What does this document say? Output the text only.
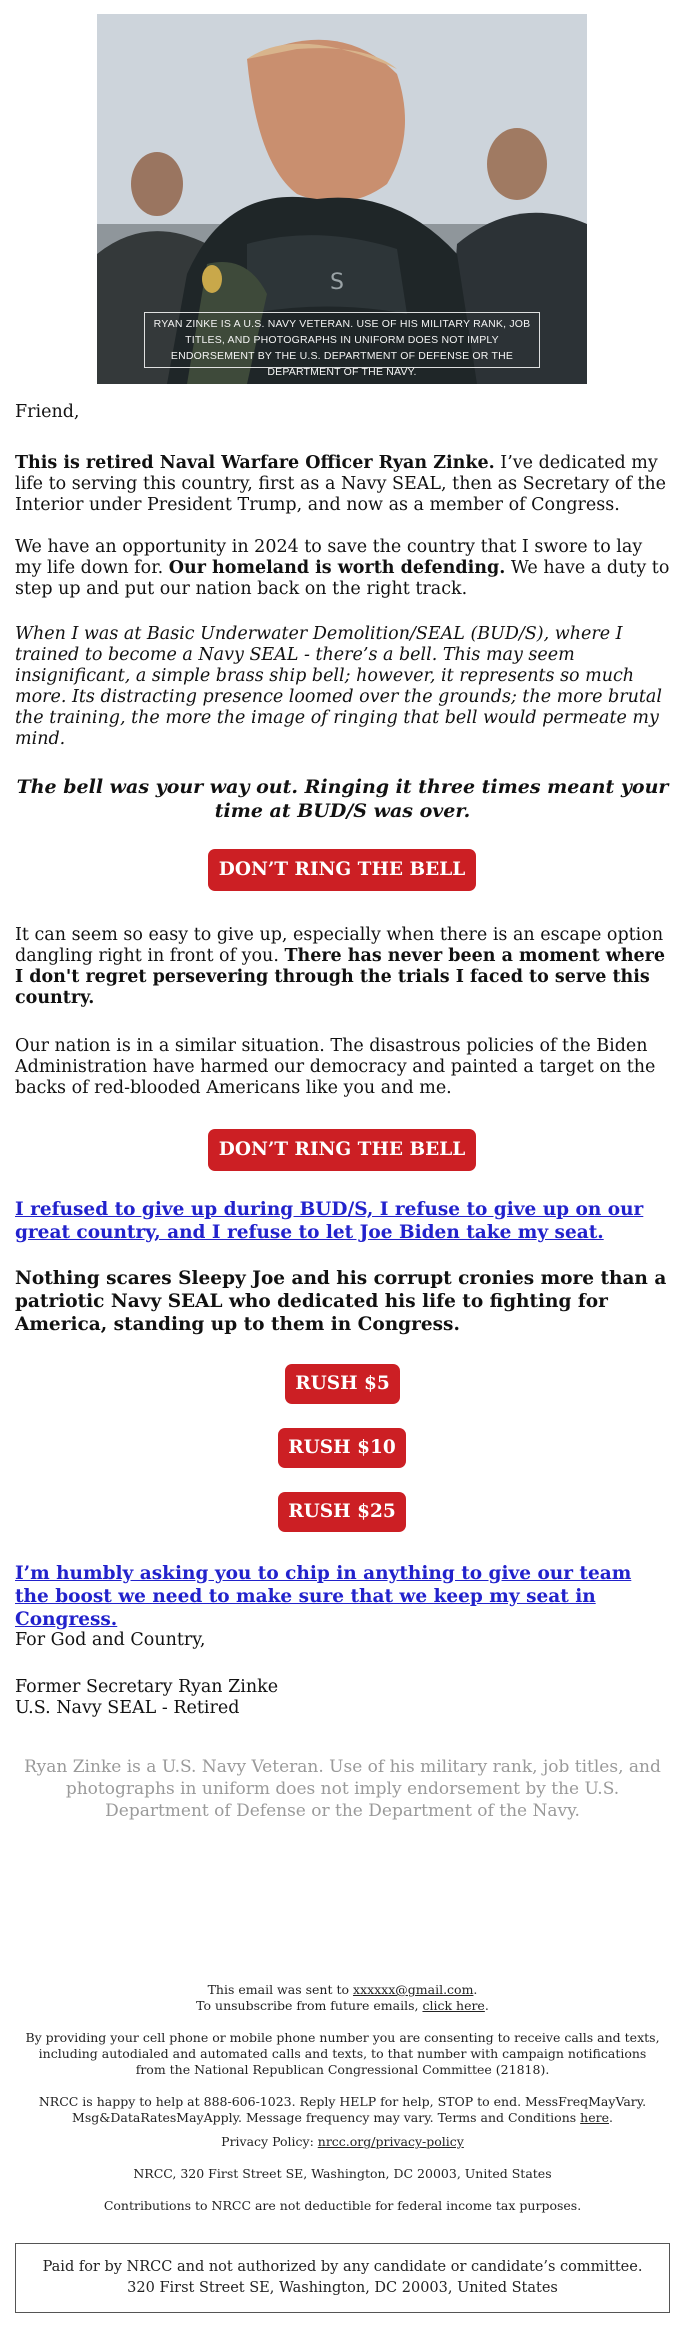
S
RYAN ZINKE IS A U.S. NAVY VETERAN. USE OF HIS MILITARY RANK, JOB TITLES, AND PHOTOGRAPHS IN UNIFORM DOES NOT IMPLY ENDORSEMENT BY THE U.S. DEPARTMENT OF DEFENSE OR THE DEPARTMENT OF THE NAVY.

Friend,

This is retired Naval Warfare Officer Ryan Zinke. I’ve dedicated my life to serving this country, first as a Navy SEAL, then as Secretary of the Interior under President Trump, and now as a member of Congress.

We have an opportunity in 2024 to save the country that I swore to lay my life down for. Our homeland is worth defending. We have a duty to step up and put our nation back on the right track.

When I was at Basic Underwater Demolition/SEAL (BUD/S), where I trained to become a Navy SEAL - there’s a bell. This may seem insignificant, a simple brass ship bell; however, it represents so much more. Its distracting presence loomed over the grounds; the more brutal the training, the more the image of ringing that bell would permeate my mind.

The bell was your way out. Ringing it three times meant your time at BUD/S was over.
DON’T RING THE BELL

It can seem so easy to give up, especially when there is an escape option dangling right in front of you. There has never been a moment where I don't regret persevering through the trials I faced to serve this country.

Our nation is in a similar situation. The disastrous policies of the Biden Administration have harmed our democracy and painted a target on the backs of red-blooded Americans like you and me.

DON’T RING THE BELL
I refused to give up during BUD/S, I refuse to give up on our great country, and I refuse to let Joe Biden take my seat.
Nothing scares Sleepy Joe and his corrupt cronies more than a patriotic Navy SEAL who dedicated his life to fighting for America, standing up to them in Congress.
RUSH $5
RUSH $10
RUSH $25
I’m humbly asking you to chip in anything to give our team the boost we need to make sure that we keep my seat in Congress.
For God and Country,
Former Secretary Ryan Zinke
U.S. Navy SEAL - Retired
Ryan Zinke is a U.S. Navy Veteran. Use of his military rank, job titles, and photographs in uniform does not imply endorsement by the U.S. Department of Defense or the Department of the Navy.
This email was sent to xxxxxx@gmail.com.
To unsubscribe from future emails, click here.
By providing your cell phone or mobile phone number you are consenting to receive calls and texts, including autodialed and automated calls and texts, to that number with campaign notifications from the National Republican Congressional Committee (21818).
NRCC is happy to help at 888-606-1023. Reply HELP for help, STOP to end. MessFreqMayVary. Msg&DataRatesMayApply. Message frequency may vary. Terms and Conditions here.
Privacy Policy: nrcc.org/privacy-policy
NRCC, 320 First Street SE, Washington, DC 20003, United States
Contributions to NRCC are not deductible for federal income tax purposes.
Paid for by NRCC and not authorized by any candidate or candidate’s committee. 320 First Street SE, Washington, DC 20003, United States
